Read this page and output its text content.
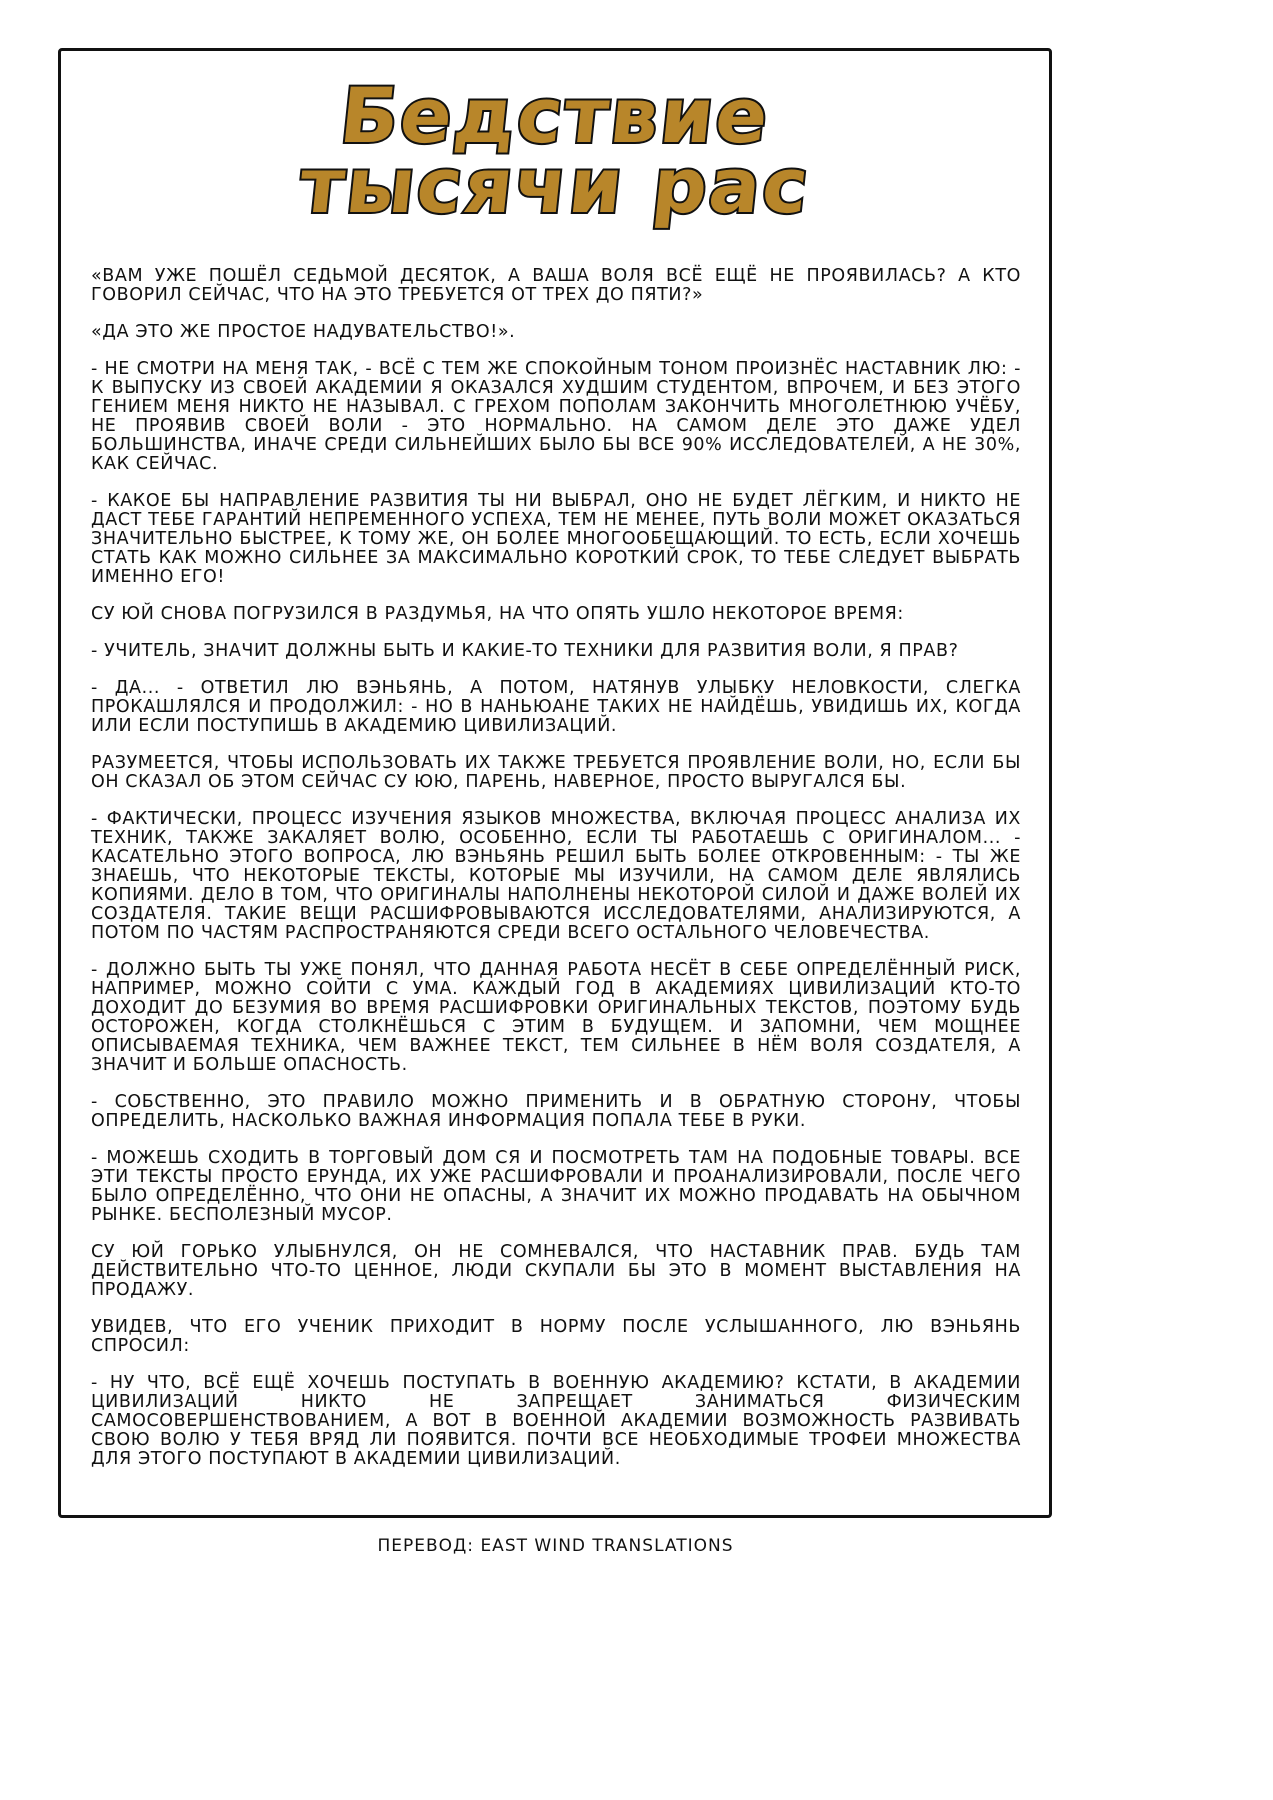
Бедствие
тысячи рас

«ВАМ УЖЕ ПОШЁЛ СЕДЬМОЙ ДЕСЯТОК, А ВАША ВОЛЯ ВСЁ ЕЩЁ НЕ ПРОЯВИЛАСЬ? А КТО ГОВОРИЛ СЕЙЧАС, ЧТО НА ЭТО ТРЕБУЕТСЯ ОТ ТРЕХ ДО ПЯТИ?»

«ДА ЭТО ЖЕ ПРОСТОЕ НАДУВАТЕЛЬСТВО!».

- НЕ СМОТРИ НА МЕНЯ ТАК, - ВСЁ С ТЕМ ЖЕ СПОКОЙНЫМ ТОНОМ ПРОИЗНЁС НАСТАВНИК ЛЮ: - К ВЫПУСКУ ИЗ СВОЕЙ АКАДЕМИИ Я ОКАЗАЛСЯ ХУДШИМ СТУДЕНТОМ, ВПРОЧЕМ, И БЕЗ ЭТОГО ГЕНИЕМ МЕНЯ НИКТО НЕ НАЗЫВАЛ. С ГРЕХОМ ПОПОЛАМ ЗАКОНЧИТЬ МНОГОЛЕТНЮЮ УЧЁБУ, НЕ ПРОЯВИВ СВОЕЙ ВОЛИ - ЭТО НОРМАЛЬНО. НА САМОМ ДЕЛЕ ЭТО ДАЖЕ УДЕЛ БОЛЬШИНСТВА, ИНАЧЕ СРЕДИ СИЛЬНЕЙШИХ БЫЛО БЫ ВСЕ 90% ИССЛЕДОВАТЕЛЕЙ, А НЕ 30%, КАК СЕЙЧАС.

- КАКОЕ БЫ НАПРАВЛЕНИЕ РАЗВИТИЯ ТЫ НИ ВЫБРАЛ, ОНО НЕ БУДЕТ ЛЁГКИМ, И НИКТО НЕ ДАСТ ТЕБЕ ГАРАНТИЙ НЕПРЕМЕННОГО УСПЕХА, ТЕМ НЕ МЕНЕЕ, ПУТЬ ВОЛИ МОЖЕТ ОКАЗАТЬСЯ ЗНАЧИТЕЛЬНО БЫСТРЕЕ, К ТОМУ ЖЕ, ОН БОЛЕЕ МНОГООБЕЩАЮЩИЙ. ТО ЕСТЬ, ЕСЛИ ХОЧЕШЬ СТАТЬ КАК МОЖНО СИЛЬНЕЕ ЗА МАКСИМАЛЬНО КОРОТКИЙ СРОК, ТО ТЕБЕ СЛЕДУЕТ ВЫБРАТЬ ИМЕННО ЕГО!

СУ ЮЙ СНОВА ПОГРУЗИЛСЯ В РАЗДУМЬЯ, НА ЧТО ОПЯТЬ УШЛО НЕКОТОРОЕ ВРЕМЯ:

- УЧИТЕЛЬ, ЗНАЧИТ ДОЛЖНЫ БЫТЬ И КАКИЕ-ТО ТЕХНИКИ ДЛЯ РАЗВИТИЯ ВОЛИ, Я ПРАВ?

- ДА... - ОТВЕТИЛ ЛЮ ВЭНЬЯНЬ, А ПОТОМ, НАТЯНУВ УЛЫБКУ НЕЛОВКОСТИ, СЛЕГКА ПРОКАШЛЯЛСЯ И ПРОДОЛЖИЛ: - НО В НАНЬЮАНЕ ТАКИХ НЕ НАЙДЁШЬ, УВИДИШЬ ИХ, КОГДА ИЛИ ЕСЛИ ПОСТУПИШЬ В АКАДЕМИЮ ЦИВИЛИЗАЦИЙ.

РАЗУМЕЕТСЯ, ЧТОБЫ ИСПОЛЬЗОВАТЬ ИХ ТАКЖЕ ТРЕБУЕТСЯ ПРОЯВЛЕНИЕ ВОЛИ, НО, ЕСЛИ БЫ ОН СКАЗАЛ ОБ ЭТОМ СЕЙЧАС СУ ЮЮ, ПАРЕНЬ, НАВЕРНОЕ, ПРОСТО ВЫРУГАЛСЯ БЫ.

- ФАКТИЧЕСКИ, ПРОЦЕСС ИЗУЧЕНИЯ ЯЗЫКОВ МНОЖЕСТВА, ВКЛЮЧАЯ ПРОЦЕСС АНАЛИЗА ИХ ТЕХНИК, ТАКЖЕ ЗАКАЛЯЕТ ВОЛЮ, ОСОБЕННО, ЕСЛИ ТЫ РАБОТАЕШЬ С ОРИГИНАЛОМ... - КАСАТЕЛЬНО ЭТОГО ВОПРОСА, ЛЮ ВЭНЬЯНЬ РЕШИЛ БЫТЬ БОЛЕЕ ОТКРОВЕННЫМ: - ТЫ ЖЕ ЗНАЕШЬ, ЧТО НЕКОТОРЫЕ ТЕКСТЫ, КОТОРЫЕ МЫ ИЗУЧИЛИ, НА САМОМ ДЕЛЕ ЯВЛЯЛИСЬ КОПИЯМИ. ДЕЛО В ТОМ, ЧТО ОРИГИНАЛЫ НАПОЛНЕНЫ НЕКОТОРОЙ СИЛОЙ И ДАЖЕ ВОЛЕЙ ИХ СОЗДАТЕЛЯ. ТАКИЕ ВЕЩИ РАСШИФРОВЫВАЮТСЯ ИССЛЕДОВАТЕЛЯМИ, АНАЛИЗИРУЮТСЯ, А ПОТОМ ПО ЧАСТЯМ РАСПРОСТРАНЯЮТСЯ СРЕДИ ВСЕГО ОСТАЛЬНОГО ЧЕЛОВЕЧЕСТВА.

- ДОЛЖНО БЫТЬ ТЫ УЖЕ ПОНЯЛ, ЧТО ДАННАЯ РАБОТА НЕСЁТ В СЕБЕ ОПРЕДЕЛЁННЫЙ РИСК, НАПРИМЕР, МОЖНО СОЙТИ С УМА. КАЖДЫЙ ГОД В АКАДЕМИЯХ ЦИВИЛИЗАЦИЙ КТО-ТО ДОХОДИТ ДО БЕЗУМИЯ ВО ВРЕМЯ РАСШИФРОВКИ ОРИГИНАЛЬНЫХ ТЕКСТОВ, ПОЭТОМУ БУДЬ ОСТОРОЖЕН, КОГДА СТОЛКНЁШЬСЯ С ЭТИМ В БУДУЩЕМ. И ЗАПОМНИ, ЧЕМ МОЩНЕЕ ОПИСЫВАЕМАЯ ТЕХНИКА, ЧЕМ ВАЖНЕЕ ТЕКСТ, ТЕМ СИЛЬНЕЕ В НЁМ ВОЛЯ СОЗДАТЕЛЯ, А ЗНАЧИТ И БОЛЬШЕ ОПАСНОСТЬ.

- СОБСТВЕННО, ЭТО ПРАВИЛО МОЖНО ПРИМЕНИТЬ И В ОБРАТНУЮ СТОРОНУ, ЧТОБЫ ОПРЕДЕЛИТЬ, НАСКОЛЬКО ВАЖНАЯ ИНФОРМАЦИЯ ПОПАЛА ТЕБЕ В РУКИ.

- МОЖЕШЬ СХОДИТЬ В ТОРГОВЫЙ ДОМ СЯ И ПОСМОТРЕТЬ ТАМ НА ПОДОБНЫЕ ТОВАРЫ. ВСЕ ЭТИ ТЕКСТЫ ПРОСТО ЕРУНДА, ИХ УЖЕ РАСШИФРОВАЛИ И ПРОАНАЛИЗИРОВАЛИ, ПОСЛЕ ЧЕГО БЫЛО ОПРЕДЕЛЁННО, ЧТО ОНИ НЕ ОПАСНЫ, А ЗНАЧИТ ИХ МОЖНО ПРОДАВАТЬ НА ОБЫЧНОМ РЫНКЕ. БЕСПОЛЕЗНЫЙ МУСОР.

СУ ЮЙ ГОРЬКО УЛЫБНУЛСЯ, ОН НЕ СОМНЕВАЛСЯ, ЧТО НАСТАВНИК ПРАВ. БУДЬ ТАМ ДЕЙСТВИТЕЛЬНО ЧТО-ТО ЦЕННОЕ, ЛЮДИ СКУПАЛИ БЫ ЭТО В МОМЕНТ ВЫСТАВЛЕНИЯ НА ПРОДАЖУ.

УВИДЕВ, ЧТО ЕГО УЧЕНИК ПРИХОДИТ В НОРМУ ПОСЛЕ УСЛЫШАННОГО, ЛЮ ВЭНЬЯНЬ СПРОСИЛ:

- НУ ЧТО, ВСЁ ЕЩЁ ХОЧЕШЬ ПОСТУПАТЬ В ВОЕННУЮ АКАДЕМИЮ? КСТАТИ, В АКАДЕМИИ ЦИВИЛИЗАЦИЙ НИКТО НЕ ЗАПРЕЩАЕТ ЗАНИМАТЬСЯ ФИЗИЧЕСКИМ САМОСОВЕРШЕНСТВОВАНИЕМ, А ВОТ В ВОЕННОЙ АКАДЕМИИ ВОЗМОЖНОСТЬ РАЗВИВАТЬ СВОЮ ВОЛЮ У ТЕБЯ ВРЯД ЛИ ПОЯВИТСЯ. ПОЧТИ ВСЕ НЕОБХОДИМЫЕ ТРОФЕИ МНОЖЕСТВА ДЛЯ ЭТОГО ПОСТУПАЮТ В АКАДЕМИИ ЦИВИЛИЗАЦИЙ.

ПЕРЕВОД: EAST WIND TRANSLATIONS
